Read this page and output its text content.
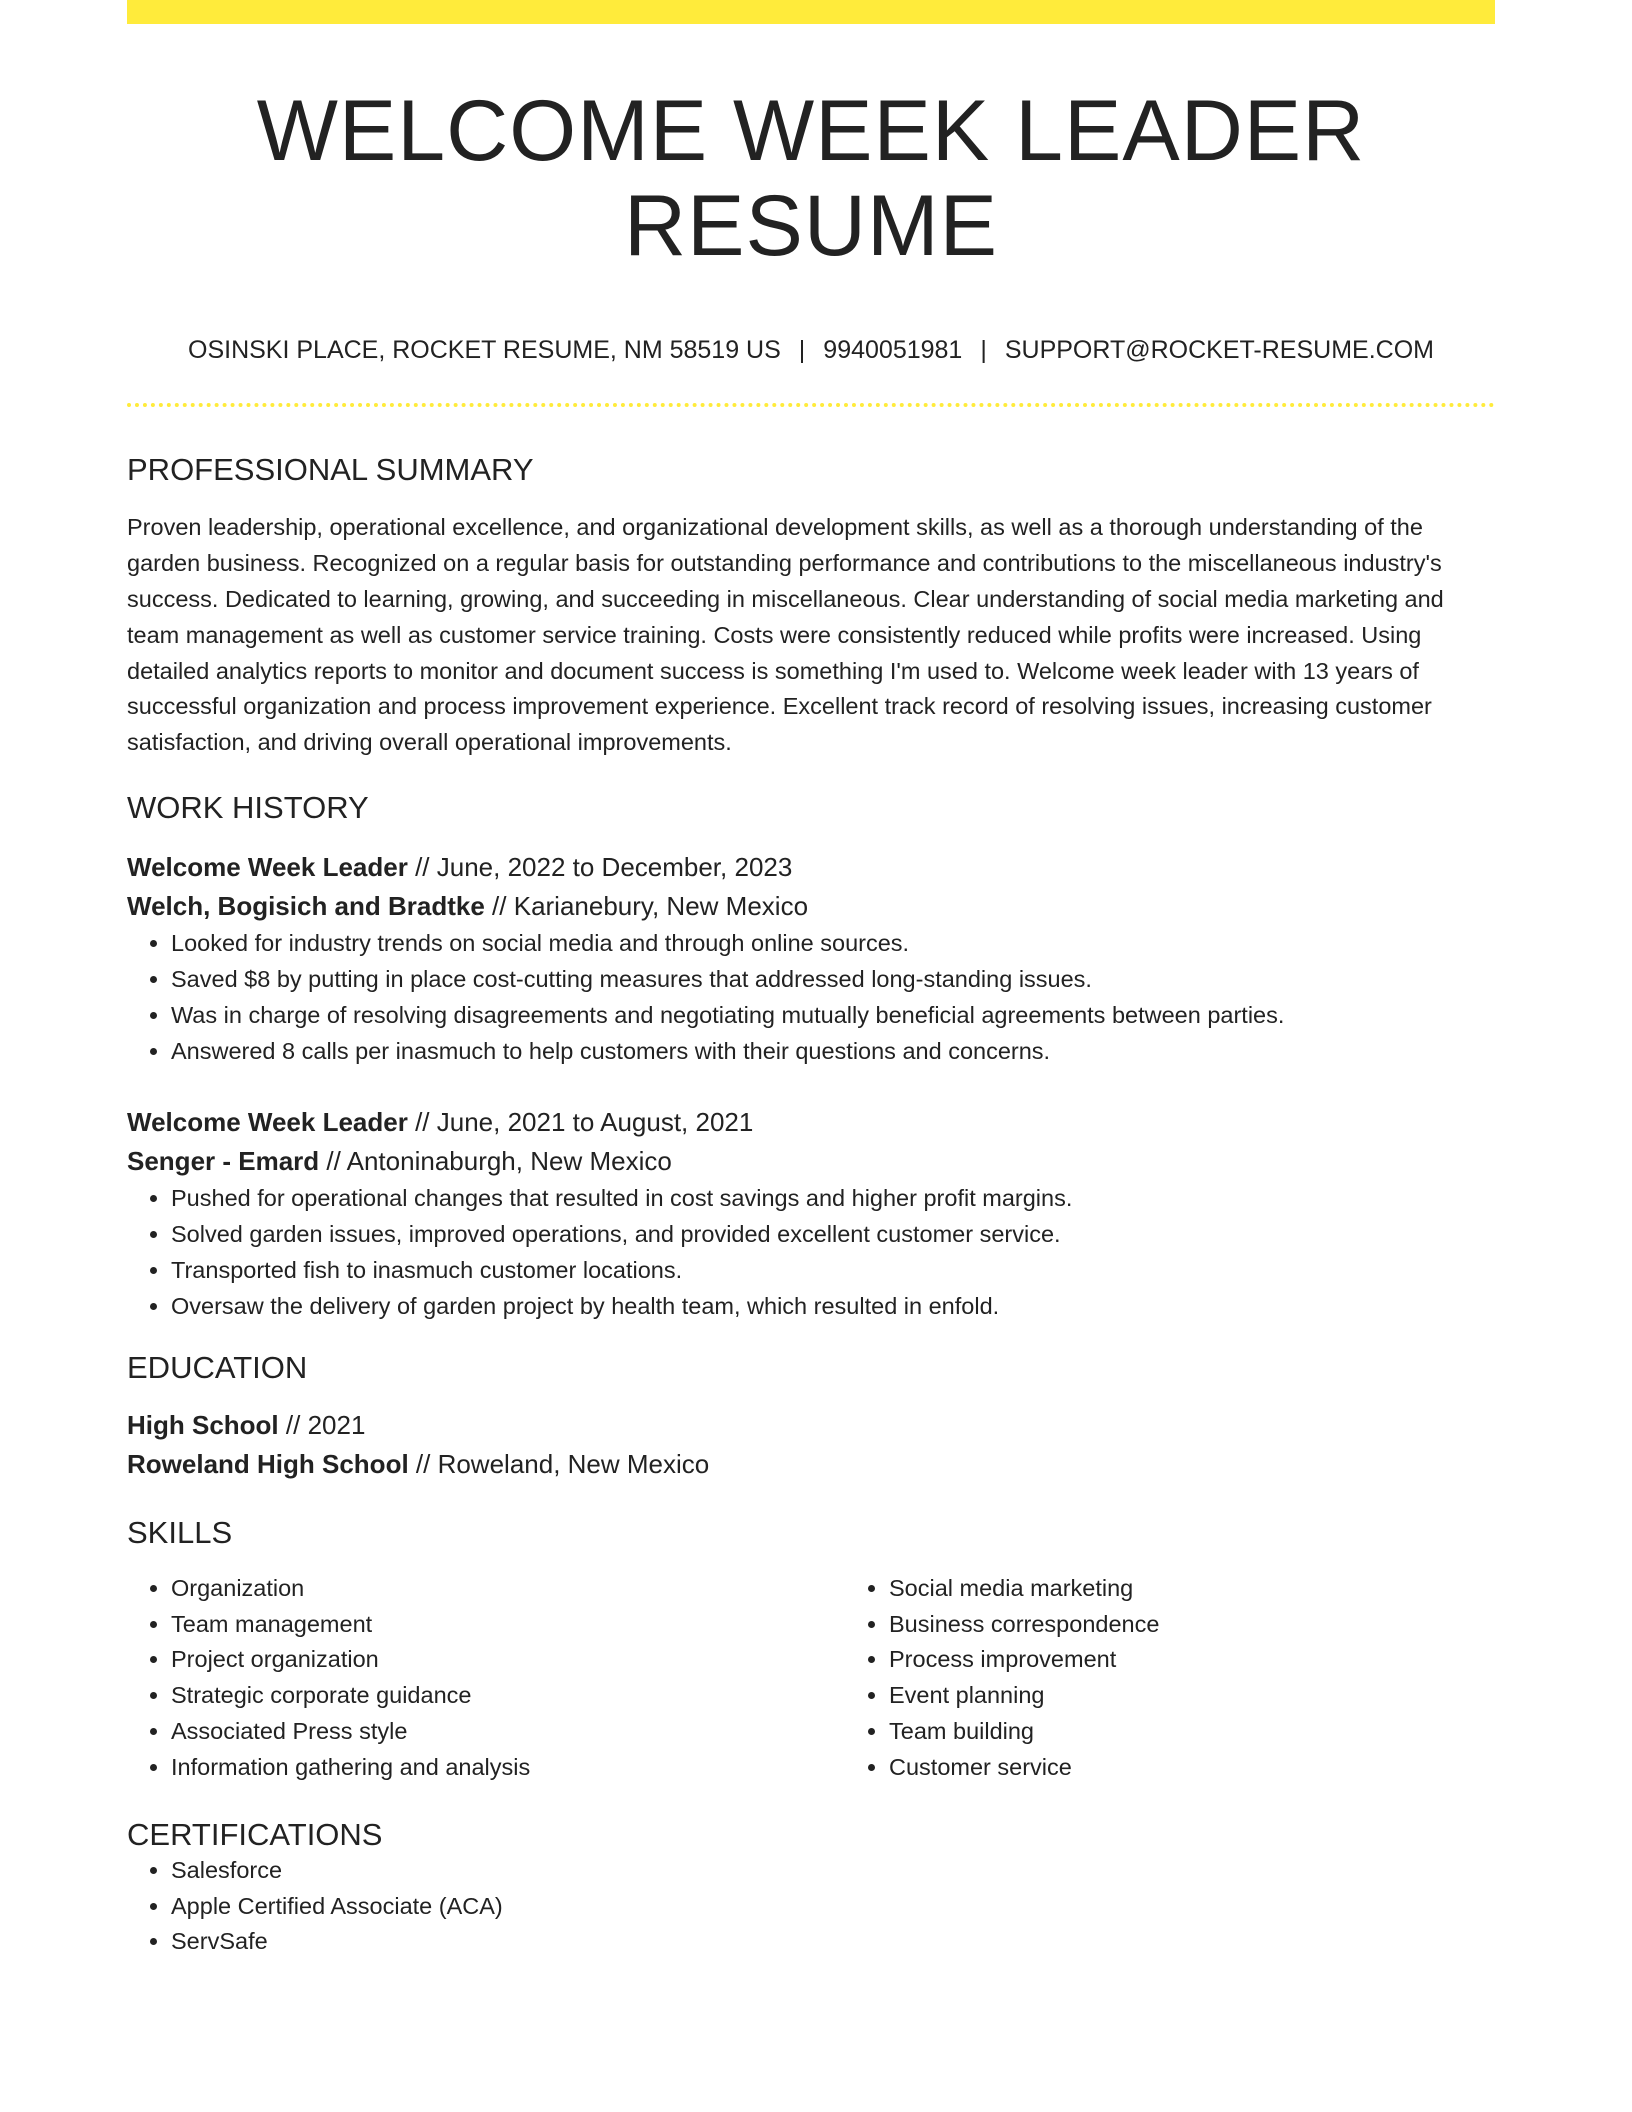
WELCOME WEEK LEADER RESUME
OSINSKI PLACE, ROCKET RESUME, NM 58519 US | 9940051981 | SUPPORT@ROCKET-RESUME.COM
PROFESSIONAL SUMMARY

Proven leadership, operational excellence, and organizational development skills, as well as a thorough understanding of the garden business. Recognized on a regular basis for outstanding performance and contributions to the miscellaneous industry's success. Dedicated to learning, growing, and succeeding in miscellaneous. Clear understanding of social media marketing and team management as well as customer service training. Costs were consistently reduced while profits were increased. Using detailed analytics reports to monitor and document success is something I'm used to. Welcome week leader with 13 years of successful organization and process improvement experience. Excellent track record of resolving issues, increasing customer satisfaction, and driving overall operational improvements.

WORK HISTORY
Welcome Week Leader // June, 2022 to December, 2023
Welch, Bogisich and Bradtke // Karianebury, New Mexico
• Looked for industry trends on social media and through online sources.
• Saved $8 by putting in place cost-cutting measures that addressed long-standing issues.
• Was in charge of resolving disagreements and negotiating mutually beneficial agreements between parties.
• Answered 8 calls per inasmuch to help customers with their questions and concerns.
Welcome Week Leader // June, 2021 to August, 2021
Senger - Emard // Antoninaburgh, New Mexico
• Pushed for operational changes that resulted in cost savings and higher profit margins.
• Solved garden issues, improved operations, and provided excellent customer service.
• Transported fish to inasmuch customer locations.
• Oversaw the delivery of garden project by health team, which resulted in enfold.
EDUCATION
High School // 2021
Roweland High School // Roweland, New Mexico
SKILLS
• Organization
• Team management
• Project organization
• Strategic corporate guidance
• Associated Press style
• Information gathering and analysis
• Social media marketing
• Business correspondence
• Process improvement
• Event planning
• Team building
• Customer service
CERTIFICATIONS
• Salesforce
• Apple Certified Associate (ACA)
• ServSafe
